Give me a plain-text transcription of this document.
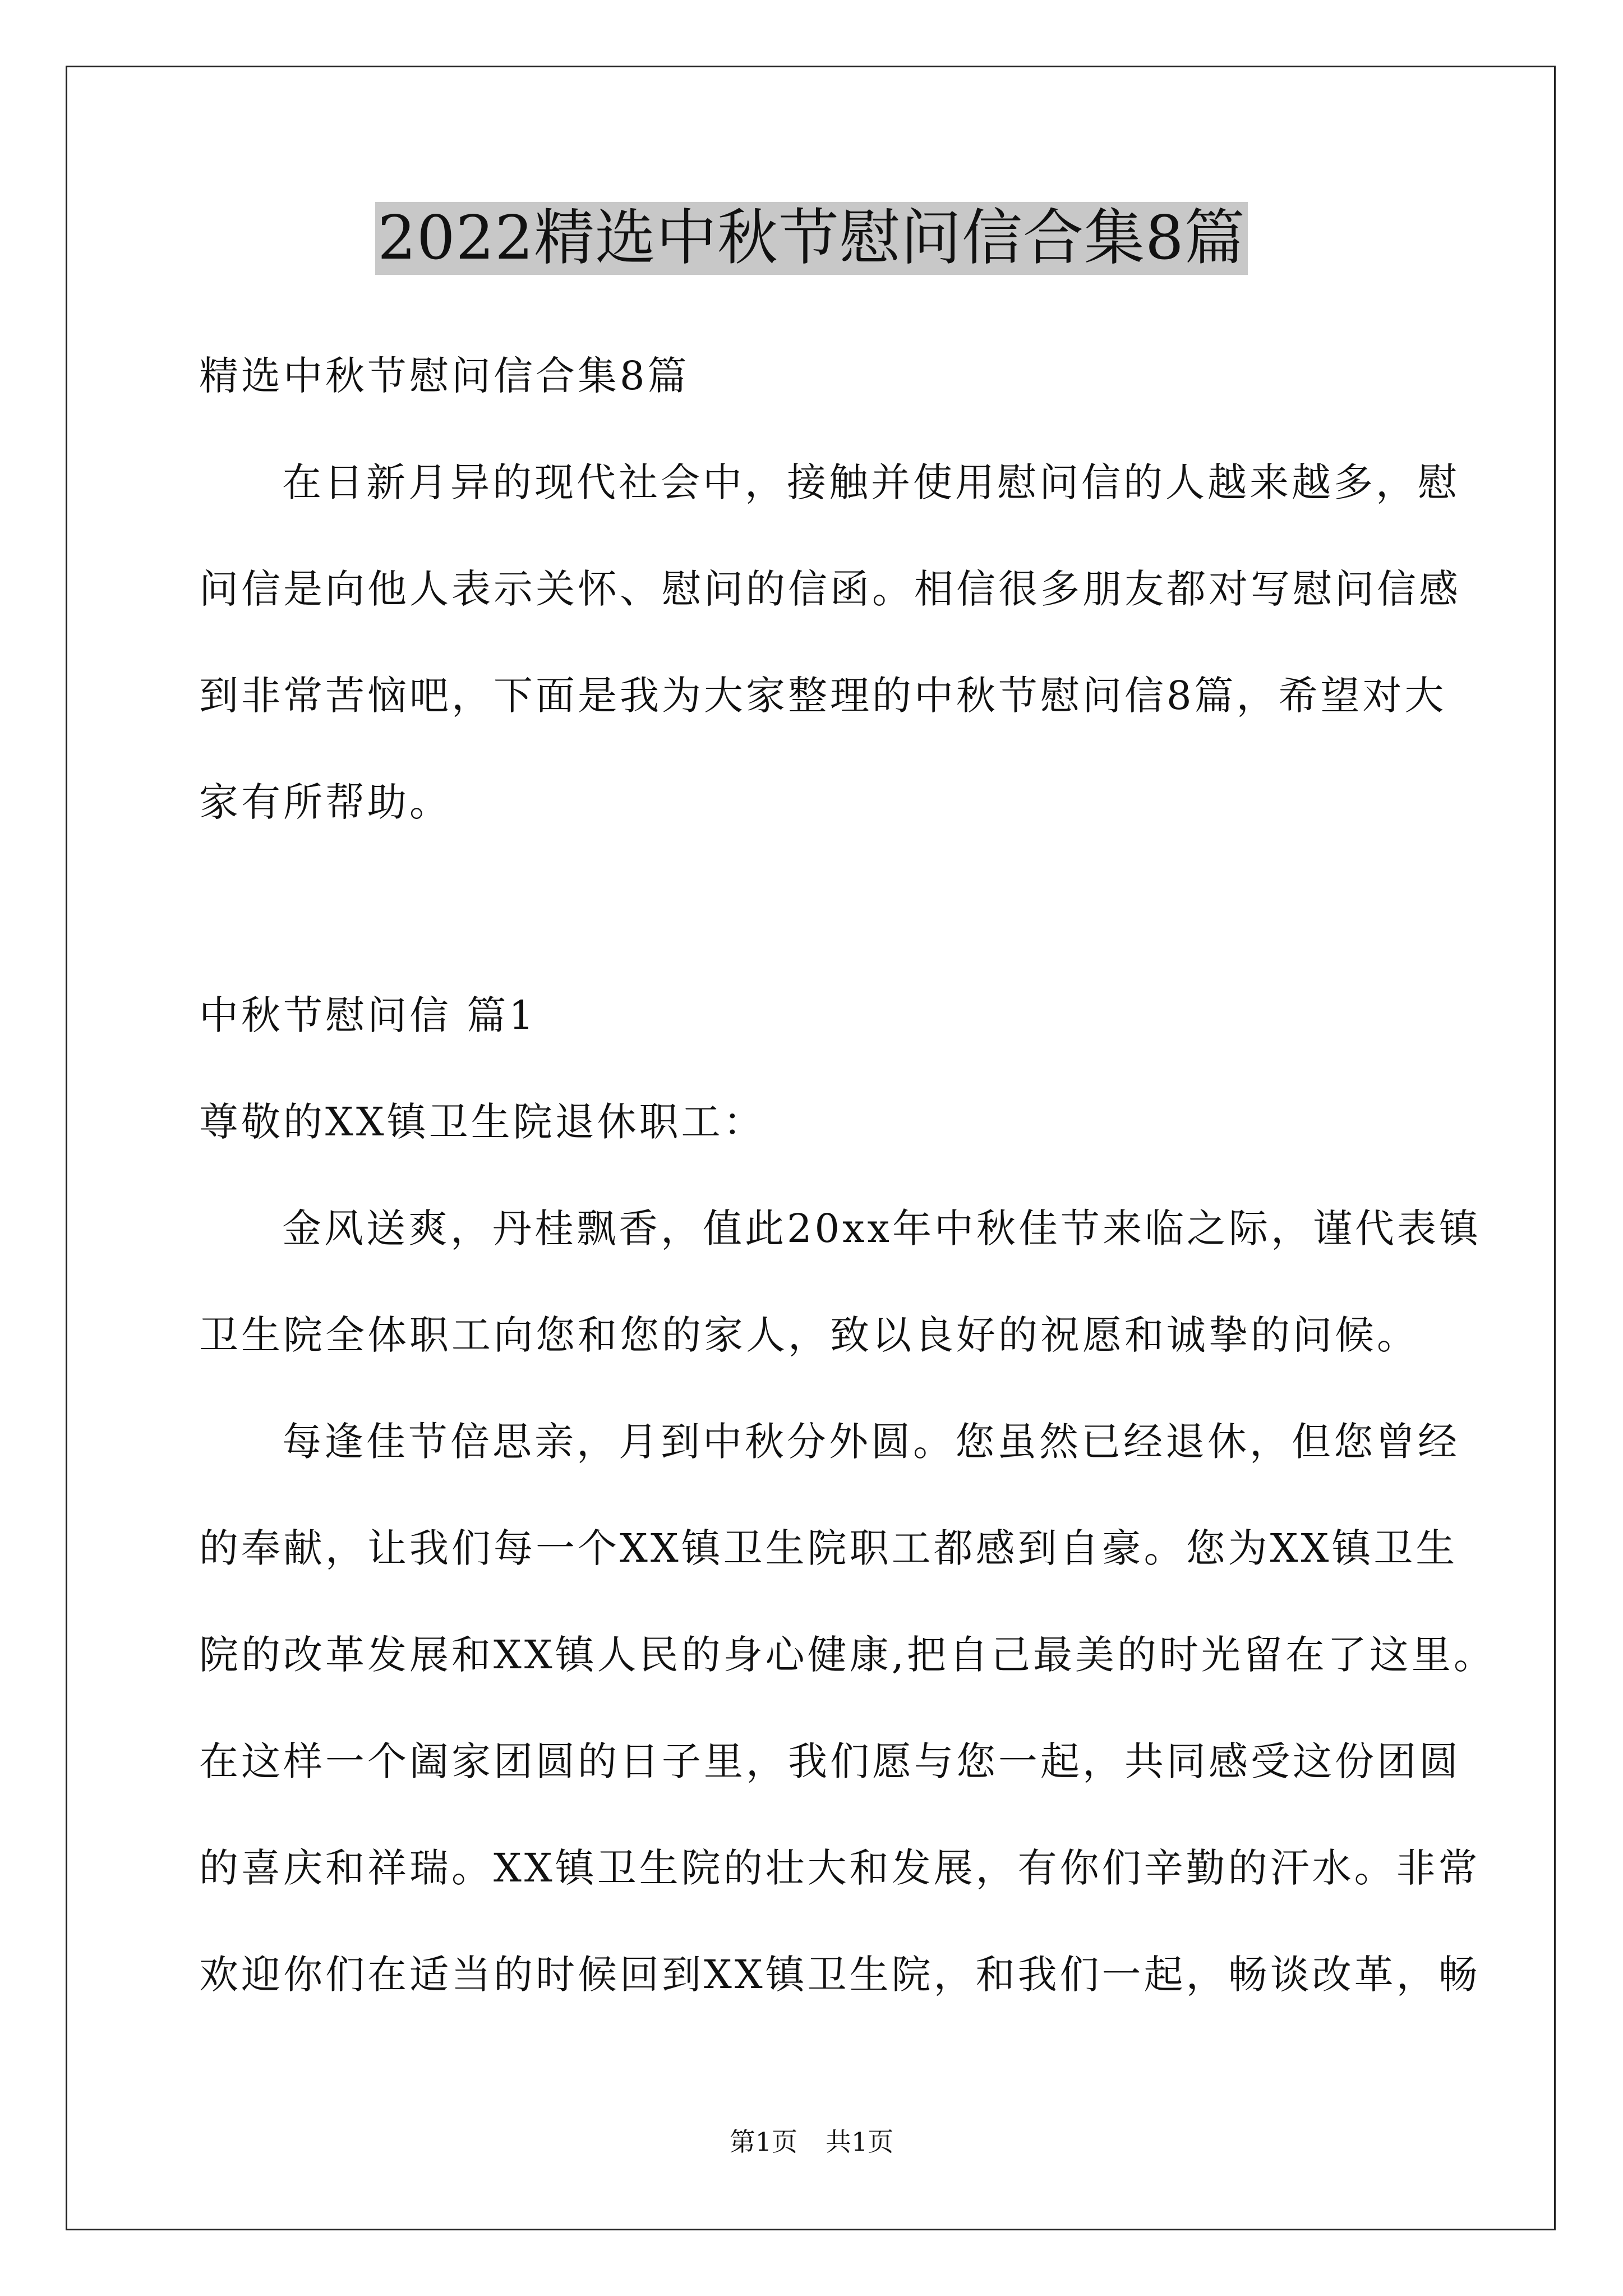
2022精选中秋节慰问信合集8篇
精选中秋节慰问信合集8篇
在日新月异的现代社会中，接触并使用慰问信的人越来越多，慰
问信是向他人表示关怀、慰问的信函。相信很多朋友都对写慰问信感
到非常苦恼吧，下面是我为大家整理的中秋节慰问信8篇，希望对大
家有所帮助。
中秋节慰问信 篇1
尊敬的XX镇卫生院退休职工：
金风送爽，丹桂飘香，值此20xx年中秋佳节来临之际，谨代表镇
卫生院全体职工向您和您的家人，致以良好的祝愿和诚挚的问候。
每逢佳节倍思亲，月到中秋分外圆。您虽然已经退休，但您曾经
的奉献，让我们每一个XX镇卫生院职工都感到自豪。您为XX镇卫生
院的改革发展和XX镇人民的身心健康,把自己最美的时光留在了这里。
在这样一个阖家团圆的日子里，我们愿与您一起，共同感受这份团圆
的喜庆和祥瑞。XX镇卫生院的壮大和发展，有你们辛勤的汗水。非常
欢迎你们在适当的时候回到XX镇卫生院，和我们一起，畅谈改革，畅
第1页 共1页
